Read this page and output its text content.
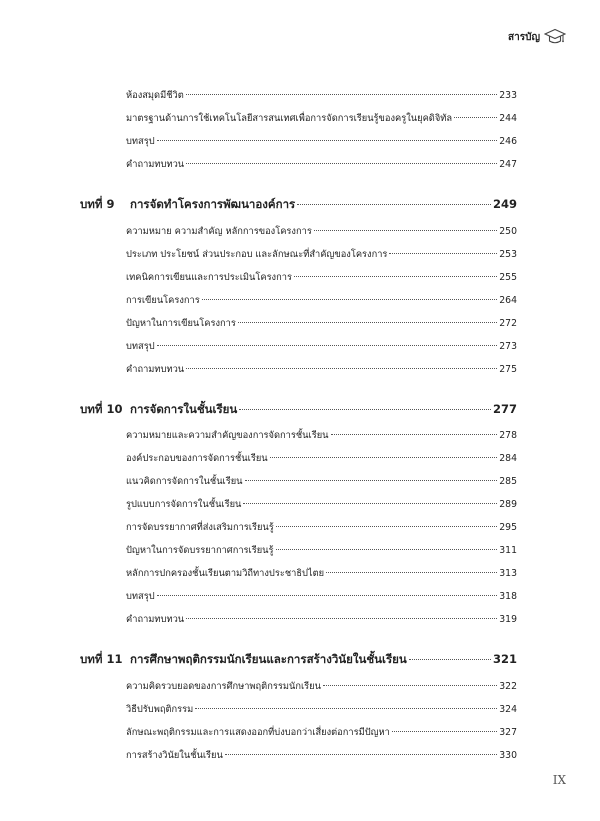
สารบัญ
ห้องสมุดมีชีวิต	233
มาตรฐานด้านการใช้เทคโนโลยีสารสนเทศเพื่อการจัดการเรียนรู้ของครูในยุคดิจิทัล	244
บทสรุป	246
คำถามทบทวน	247
บทที่ 9	การจัดทำโครงการพัฒนาองค์การ	249
ความหมาย ความสำคัญ หลักการของโครงการ	250
ประเภท ประโยชน์ ส่วนประกอบ และลักษณะที่สำคัญของโครงการ	253
เทคนิคการเขียนและการประเมินโครงการ	255
การเขียนโครงการ	264
ปัญหาในการเขียนโครงการ	272
บทสรุป	273
คำถามทบทวน	275
บทที่ 10 การจัดการในชั้นเรียน	277
ความหมายและความสำคัญของการจัดการชั้นเรียน	278
องค์ประกอบของการจัดการชั้นเรียน	284
แนวคิดการจัดการในชั้นเรียน	285
รูปแบบการจัดการในชั้นเรียน	289
การจัดบรรยากาศที่ส่งเสริมการเรียนรู้	295
ปัญหาในการจัดบรรยากาศการเรียนรู้	311
หลักการปกครองชั้นเรียนตามวิถีทางประชาธิปไตย	313
บทสรุป	318
คำถามทบทวน	319
บทที่ 11 การศึกษาพฤติกรรมนักเรียนและการสร้างวินัยในชั้นเรียน	321
ความคิดรวบยอดของการศึกษาพฤติกรรมนักเรียน	322
วิธีปรับพฤติกรรม	324
ลักษณะพฤติกรรมและการแสดงออกที่บ่งบอกว่าเสี่ยงต่อการมีปัญหา	327
การสร้างวินัยในชั้นเรียน	330
IX
